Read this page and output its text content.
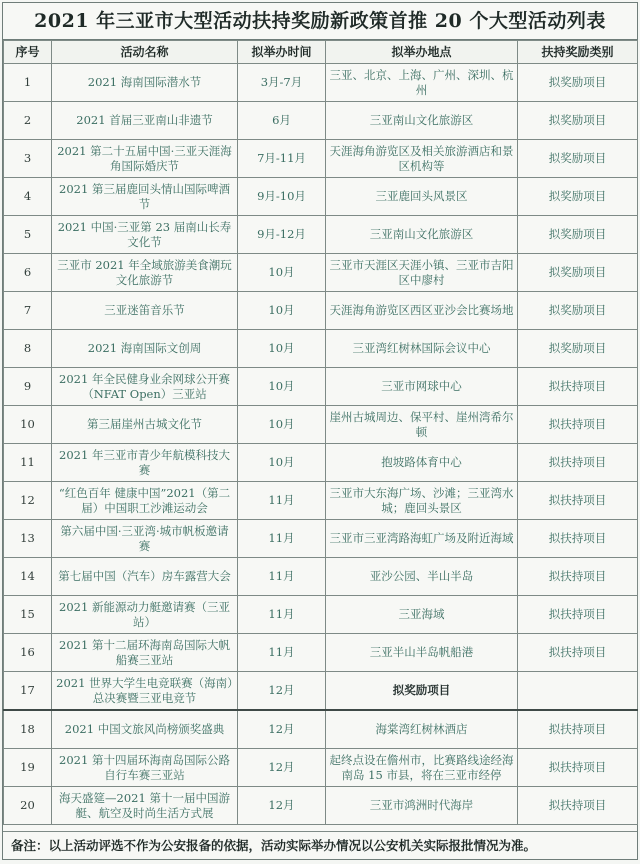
2021 年三亚市大型活动扶持奖励新政策首推 20 个大型活动列表
序号	活动名称	拟举办时间	拟举办地点	扶持奖励类别
1	2021 海南国际潜水节	3月-7月	三亚、北京、上海、广州、深圳、杭州	拟奖励项目
2	2021 首届三亚南山非遗节	6月	三亚南山文化旅游区	拟奖励项目
3	2021 第二十五届中国·三亚天涯海角国际婚庆节	7月-11月	天涯海角游览区及相关旅游酒店和景区机构等	拟奖励项目
4	2021 第三届鹿回头情山国际啤酒节	9月-10月	三亚鹿回头风景区	拟奖励项目
5	2021 中国·三亚第 23 届南山长寿文化节	9月-12月	三亚南山文化旅游区	拟奖励项目
6	三亚市 2021 年全域旅游美食潮玩文化旅游节	10月	三亚市天涯区天涯小镇、三亚市吉阳区中廖村	拟奖励项目
7	三亚迷笛音乐节	10月	天涯海角游览区西区亚沙会比赛场地	拟奖励项目
8	2021 海南国际文创周	10月	三亚湾红树林国际会议中心	拟奖励项目
9	2021 年全民健身业余网球公开赛（NFAT Open）三亚站	10月	三亚市网球中心	拟扶持项目
10	第三届崖州古城文化节	10月	崖州古城周边、保平村、崖州湾希尔顿	拟扶持项目
11	2021 年三亚市青少年航模科技大赛	10月	抱坡路体育中心	拟扶持项目
12	“红色百年 健康中国”2021（第二届）中国职工沙滩运动会	11月	三亚市大东海广场、沙滩；三亚湾水城；鹿回头景区	拟扶持项目
13	第六届中国·三亚湾·城市帆板邀请赛	11月	三亚市三亚湾路海虹广场及附近海域	拟扶持项目
14	第七届中国（汽车）房车露营大会	11月	亚沙公园、半山半岛	拟扶持项目
15	2021 新能源动力艇邀请赛（三亚站）	11月	三亚海域	拟扶持项目
16	2021 第十二届环海南岛国际大帆船赛三亚站	11月	三亚半山半岛帆船港	拟扶持项目
17	2021 世界大学生电竞联赛（海南）总决赛暨三亚电竞节	12月	拟奖励项目	
18	2021 中国文旅风尚榜颁奖盛典	12月	海棠湾红树林酒店	拟扶持项目
19	2021 第十四届环海南岛国际公路自行车赛三亚站	12月	起终点设在儋州市，比赛路线途经海南岛 15 市县，将在三亚市经停	拟扶持项目
20	海天盛筵—2021 第十一届中国游艇、航空及时尚生活方式展	12月	三亚市鸿洲时代海岸	拟扶持项目
备注：以上活动评选不作为公安报备的依据，活动实际举办情况以公安机关实际报批情况为准。
